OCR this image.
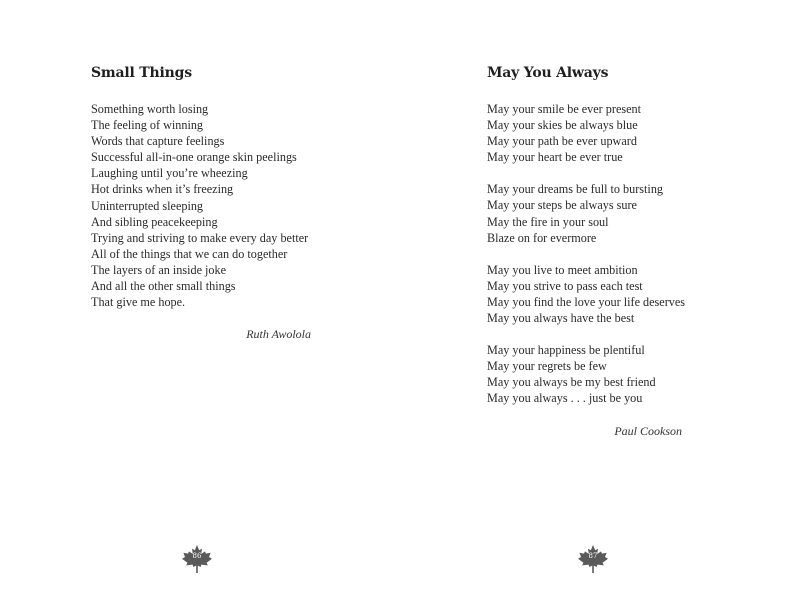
Small Things
Something worth losing
The feeling of winning
Words that capture feelings
Successful all-in-one orange skin peelings
Laughing until you’re wheezing
Hot drinks when it’s freezing
Uninterrupted sleeping
And sibling peacekeeping
Trying and striving to make every day better
All of the things that we can do together
The layers of an inside joke
And all the other small things
That give me hope.
Ruth Awolola
86
May You Always
May your smile be ever present
May your skies be always blue
May your path be ever upward
May your heart be ever true
May your dreams be full to bursting
May your steps be always sure
May the fire in your soul
Blaze on for evermore
May you live to meet ambition
May you strive to pass each test
May you find the love your life deserves
May you always have the best
May your happiness be plentiful
May your regrets be few
May you always be my best friend
May you always . . . just be you
Paul Cookson
87
